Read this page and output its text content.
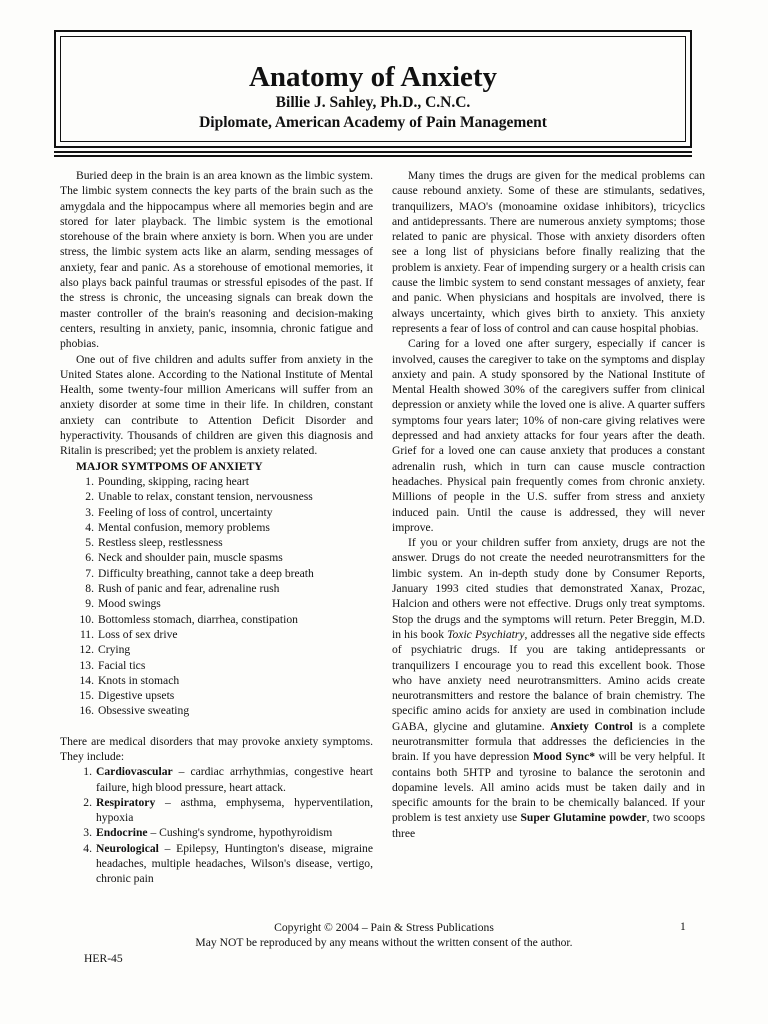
Anatomy of Anxiety
Billie J. Sahley, Ph.D., C.N.C.
Diplomate, American Academy of Pain Management

Buried deep in the brain is an area known as the limbic system. The limbic system connects the key parts of the brain such as the amygdala and the hippocampus where all memories begin and are stored for later playback. The limbic system is the emotional storehouse of the brain where anxiety is born. When you are under stress, the limbic system acts like an alarm, sending messages of anxiety, fear and panic. As a storehouse of emotional memories, it also plays back painful traumas or stressful episodes of the past. If the stress is chronic, the unceasing signals can break down the master controller of the brain's reasoning and decision-making centers, resulting in anxiety, panic, insomnia, chronic fatigue and phobias.

One out of five children and adults suffer from anxiety in the United States alone. According to the National Institute of Mental Health, some twenty-four million Americans will suffer from an anxiety disorder at some time in their life. In children, constant anxiety can contribute to Attention Deficit Disorder and hyperactivity. Thousands of children are given this diagnosis and Ritalin is prescribed; yet the problem is anxiety related.

MAJOR SYMTPOMS OF ANXIETY

1. Pounding, skipping, racing heart
2. Unable to relax, constant tension, nervousness
3. Feeling of loss of control, uncertainty
4. Mental confusion, memory problems
5. Restless sleep, restlessness
6. Neck and shoulder pain, muscle spasms
7. Difficulty breathing, cannot take a deep breath
8. Rush of panic and fear, adrenaline rush
9. Mood swings
10. Bottomless stomach, diarrhea, constipation
11. Loss of sex drive
12. Crying
13. Facial tics
14. Knots in stomach
15. Digestive upsets
16. Obsessive sweating

There are medical disorders that may provoke anxiety symptoms. They include:

1. Cardiovascular – cardiac arrhythmias, congestive heart failure, high blood pressure, heart attack.
2. Respiratory – asthma, emphysema, hyperventilation, hypoxia
3. Endocrine – Cushing's syndrome, hypothyroidism
4. Neurological – Epilepsy, Huntington's disease, migraine headaches, multiple headaches, Wilson's disease, vertigo, chronic pain

Many times the drugs are given for the medical problems can cause rebound anxiety. Some of these are stimulants, sedatives, tranquilizers, MAO's (monoamine oxidase inhibitors), tricyclics and antidepressants. There are numerous anxiety symptoms; those related to panic are physical. Those with anxiety disorders often see a long list of physicians before finally realizing that the problem is anxiety. Fear of impending surgery or a health crisis can cause the limbic system to send constant messages of anxiety, fear and panic. When physicians and hospitals are involved, there is always uncertainty, which gives birth to anxiety. This anxiety represents a fear of loss of control and can cause hospital phobias.

Caring for a loved one after surgery, especially if cancer is involved, causes the caregiver to take on the symptoms and display anxiety and pain. A study sponsored by the National Institute of Mental Health showed 30% of the caregivers suffer from clinical depression or anxiety while the loved one is alive. A quarter suffers symptoms four years later; 10% of non-care giving relatives were depressed and had anxiety attacks for four years after the death. Grief for a loved one can cause anxiety that produces a constant adrenalin rush, which in turn can cause muscle contraction headaches. Physical pain frequently comes from chronic anxiety. Millions of people in the U.S. suffer from stress and anxiety induced pain. Until the cause is addressed, they will never improve.

If you or your children suffer from anxiety, drugs are not the answer. Drugs do not create the needed neurotransmitters for the limbic system. An in-depth study done by Consumer Reports, January 1993 cited studies that demonstrated Xanax, Prozac, Halcion and others were not effective. Drugs only treat symptoms. Stop the drugs and the symptoms will return. Peter Breggin, M.D. in his book Toxic Psychiatry, addresses all the negative side effects of psychiatric drugs. If you are taking antidepressants or tranquilizers I encourage you to read this excellent book. Those who have anxiety need neurotransmitters. Amino acids create neurotransmitters and restore the balance of brain chemistry. The specific amino acids for anxiety are used in combination include GABA, glycine and glutamine. Anxiety Control is a complete neurotransmitter formula that addresses the deficiencies in the brain. If you have depression Mood Sync* will be very helpful. It contains both 5HTP and tyrosine to balance the serotonin and dopamine levels. All amino acids must be taken daily and in specific amounts for the brain to be chemically balanced. If your problem is test anxiety use Super Glutamine powder, two scoops three

Copyright © 2004 – Pain & Stress Publications
May NOT be reproduced by any means without the written consent of the author.
1
HER-45
